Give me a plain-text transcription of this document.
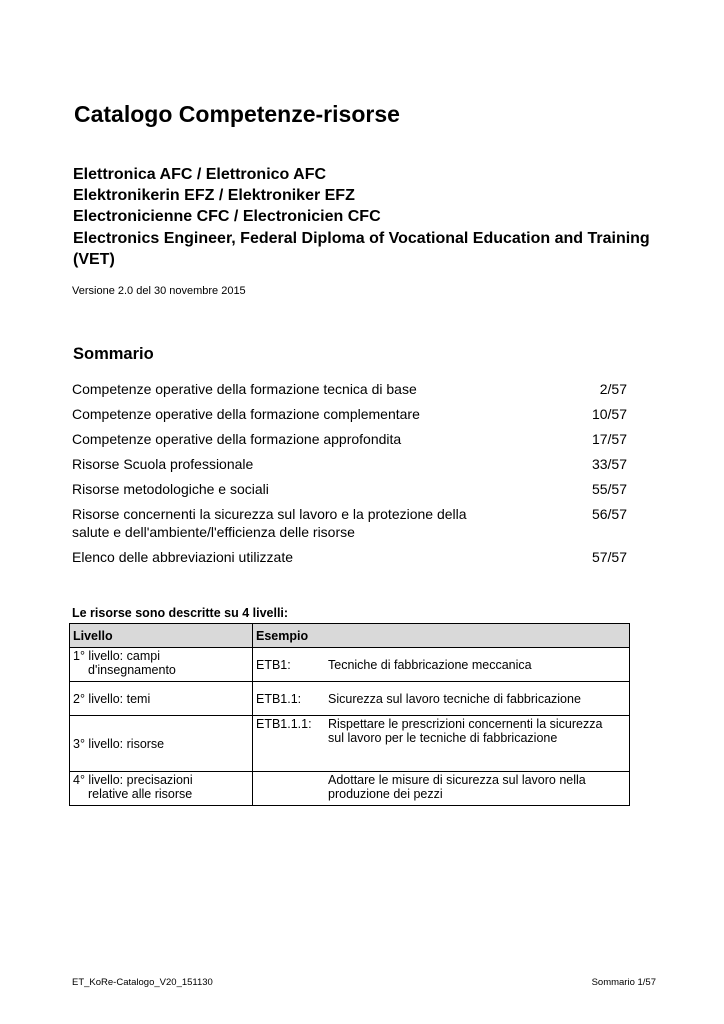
Catalogo Competenze-risorse
Elettronica AFC / Elettronico AFC
Elektronikerin EFZ / Elektroniker EFZ
Electronicienne CFC / Electronicien CFC
Electronics Engineer, Federal Diploma of Vocational Education and Training (VET)
Versione 2.0 del 30 novembre 2015
Sommario
Competenze operative della formazione tecnica di base	2/57
Competenze operative della formazione complementare	10/57
Competenze operative della formazione approfondita	17/57
Risorse Scuola professionale	33/57
Risorse metodologiche e sociali	55/57
Risorse concernenti la sicurezza sul lavoro e la protezione della salute e dell'ambiente/l'efficienza delle risorse
56/57
Elenco delle abbreviazioni utilizzate	57/57
Le risorse sono descritte su 4 livelli:
Livello	Esempio
1° livello: campi
d'insegnamento	ETB1: Tecniche di fabbricazione meccanica
2° livello: temi	ETB1.1: Sicurezza sul lavoro tecniche di fabbricazione
3° livello: risorse	ETB1.1.1: Rispettare le prescrizioni concernenti la sicurezza sul lavoro per le tecniche di fabbricazione
4° livello: precisazioni
relative alle risorse	Adottare le misure di sicurezza sul lavoro nella produzione dei pezzi
ET_KoRe-Catalogo_V20_151130	Sommario 1/57
